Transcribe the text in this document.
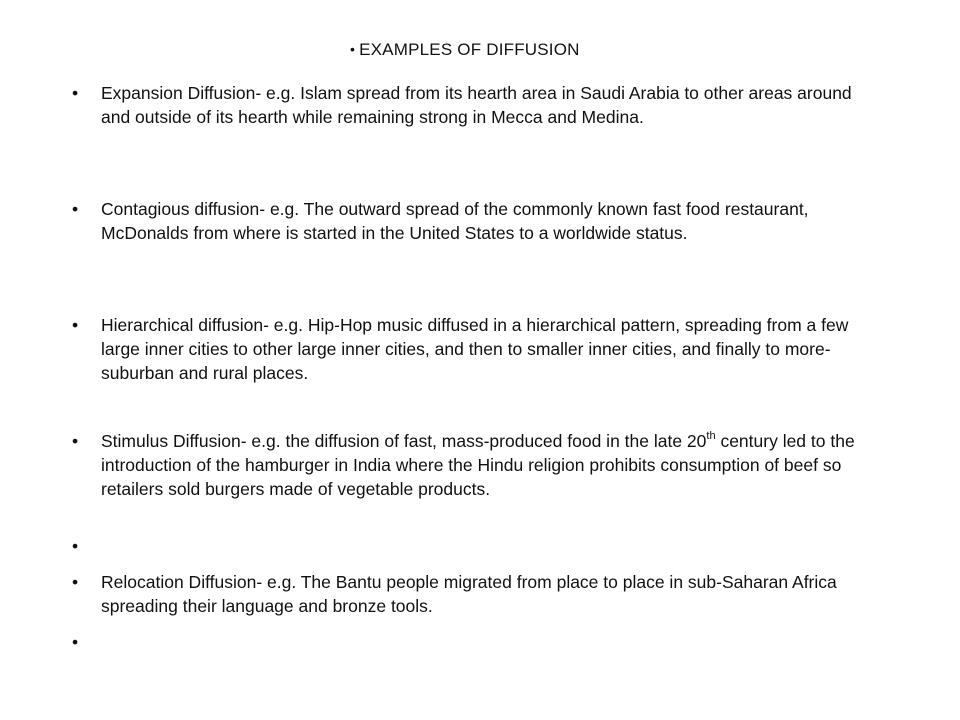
• EXAMPLES OF DIFFUSION
•	Expansion Diffusion- e.g. Islam spread from its hearth area in Saudi Arabia to other areas around and outside of its hearth while remaining strong in Mecca and Medina.
•	Contagious diffusion- e.g. The outward spread of the commonly known fast food restaurant, McDonalds from where is started in the United States to a worldwide status.
•	Hierarchical diffusion- e.g. Hip-Hop music diffused in a hierarchical pattern, spreading from a few large inner cities to other large inner cities, and then to smaller inner cities, and finally to more-suburban and rural places.
•	Stimulus Diffusion- e.g. the diffusion of fast, mass-produced food in the late 20th century led to the introduction of the hamburger in India where the Hindu religion prohibits consumption of beef so retailers sold burgers made of vegetable products.
•
•	Relocation Diffusion- e.g. The Bantu people migrated from place to place in sub-Saharan Africa spreading their language and bronze tools.
•
